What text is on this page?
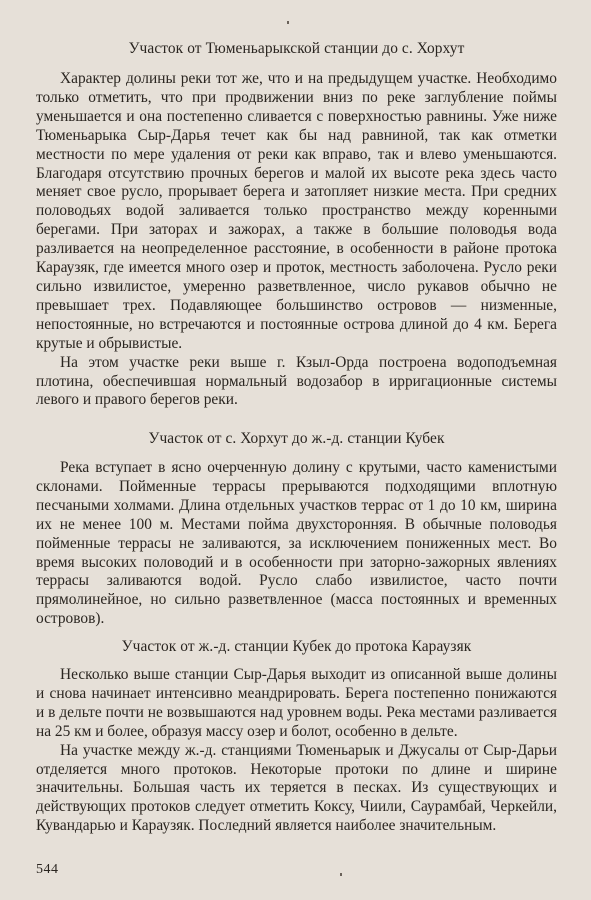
Участок от Тюменьарыкской станции до с. Хорхут

Характер долины реки тот же, что и на предыдущем участке. Необходимо только отметить, что при продвижении вниз по реке заглубление поймы уменьшается и она постепенно сливается с поверхностью равнины. Уже ниже Тюменьарыка Сыр-Дарья течет как бы над равниной, так как отметки местности по мере удаления от реки как вправо, так и влево уменьшаются. Благодаря отсутствию прочных берегов и малой их высоте река здесь часто меняет свое русло, прорывает берега и затопляет низкие места. При средних половодьях водой заливается только пространство между коренными берегами. При заторах и зажорах, а также в большие половодья вода разливается на неопределенное расстояние, в особенности в районе протока Караузяк, где имеется много озер и проток, местность заболочена. Русло реки сильно извилистое, умеренно разветвленное, число рукавов обычно не превышает трех. Подавляющее большинство островов — низменные, непостоянные, но встречаются и постоянные острова длиной до 4 км. Берега крутые и обрывистые.

На этом участке реки выше г. Кзыл-Орда построена водоподъемная плотина, обеспечившая нормальный водозабор в ирригационные системы левого и правого берегов реки.

Участок от с. Хорхут до ж.-д. станции Кубек

Река вступает в ясно очерченную долину с крутыми, часто каменистыми склонами. Пойменные террасы прерываются подходящими вплотную песчаными холмами. Длина отдельных участков террас от 1 до 10 км, ширина их не менее 100 м. Местами пойма двухсторонняя. В обычные половодья пойменные террасы не заливаются, за исключением пониженных мест. Во время высоких половодий и в особенности при заторно-зажорных явлениях террасы заливаются водой. Русло слабо извилистое, часто почти прямолинейное, но сильно разветвленное (масса постоянных и временных островов).

Участок от ж.-д. станции Кубек до протока Караузяк

Несколько выше станции Сыр-Дарья выходит из описанной выше долины и снова начинает интенсивно меандрировать. Берега постепенно понижаются и в дельте почти не возвышаются над уровнем воды. Река местами разливается на 25 км и более, образуя массу озер и болот, особенно в дельте.

На участке между ж.-д. станциями Тюменьарык и Джусалы от Сыр-Дарьи отделяется много протоков. Некоторые протоки по длине и ширине значительны. Большая часть их теряется в песках. Из существующих и действующих протоков следует отметить Коксу, Чиили, Саурамбай, Черкейли, Кувандарью и Караузяк. Последний является наиболее значительным.

544
